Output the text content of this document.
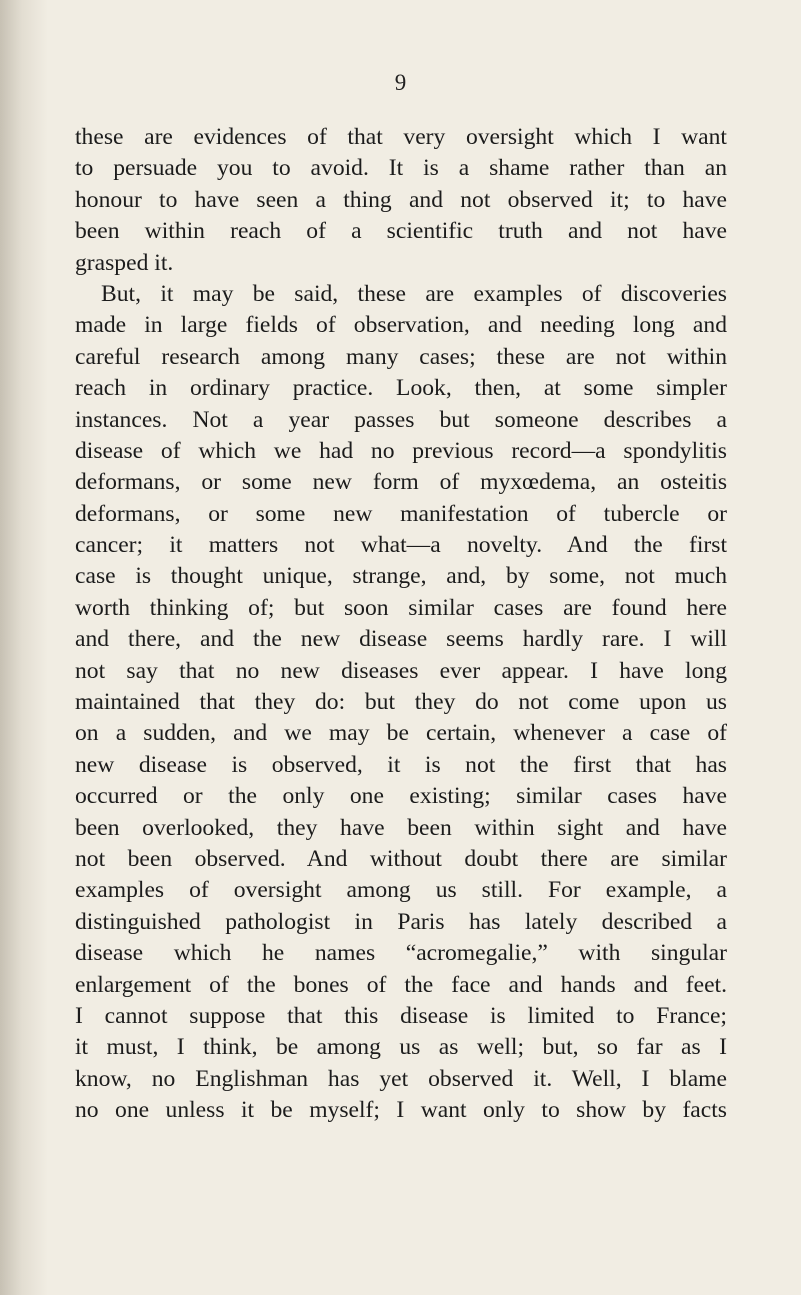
9
these are evidences of that very oversight which I want
to persuade you to avoid. It is a shame rather than an
honour to have seen a thing and not observed it; to have
been within reach of a scientific truth and not have
grasped it.
But, it may be said, these are examples of discoveries
made in large fields of observation, and needing long and
careful research among many cases; these are not within
reach in ordinary practice. Look, then, at some simpler
instances. Not a year passes but someone describes a
disease of which we had no previous record—a spondylitis
deformans, or some new form of myxœdema, an osteitis
deformans, or some new manifestation of tubercle or
cancer; it matters not what—a novelty. And the first
case is thought unique, strange, and, by some, not much
worth thinking of; but soon similar cases are found here
and there, and the new disease seems hardly rare. I will
not say that no new diseases ever appear. I have long
maintained that they do: but they do not come upon us
on a sudden, and we may be certain, whenever a case of
new disease is observed, it is not the first that has
occurred or the only one existing; similar cases have
been overlooked, they have been within sight and have
not been observed. And without doubt there are similar
examples of oversight among us still. For example, a
distinguished pathologist in Paris has lately described a
disease which he names “acromegalie,” with singular
enlargement of the bones of the face and hands and feet.
I cannot suppose that this disease is limited to France;
it must, I think, be among us as well; but, so far as I
know, no Englishman has yet observed it. Well, I blame
no one unless it be myself; I want only to show by facts
